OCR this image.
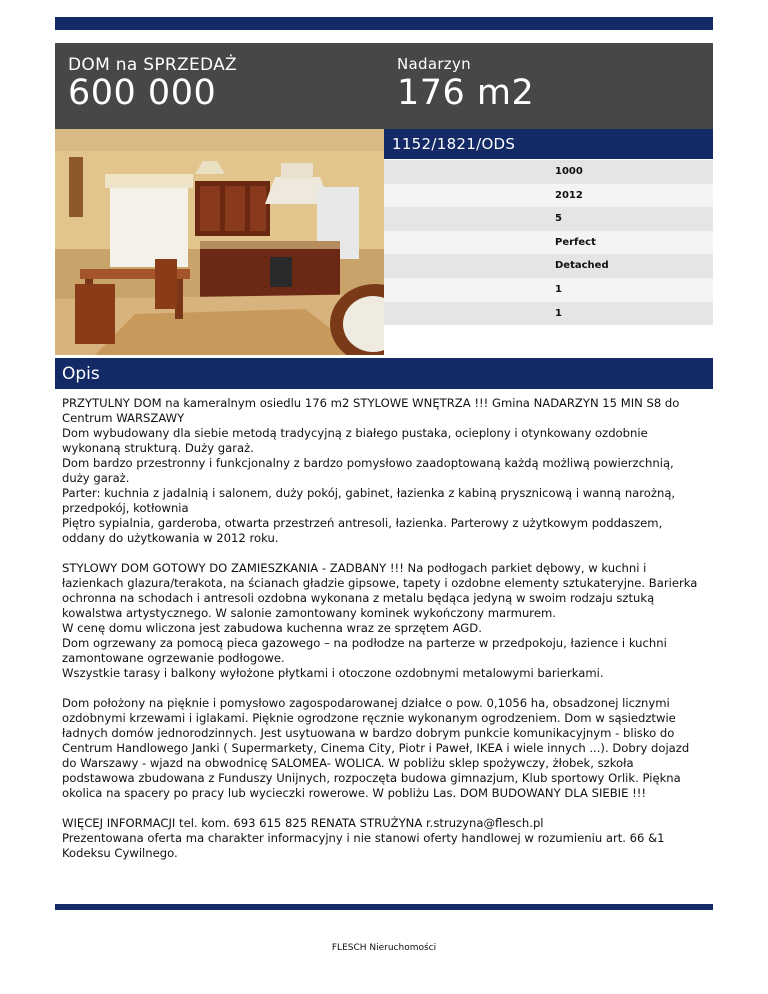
DOM na SPRZEDAŻ
600 000
Nadarzyn
176 m2
1152/1821/ODS
1000
2012
5
Perfect
Detached
1
1
Opis

PRZYTULNY DOM na kameralnym osiedlu 176 m2 STYLOWE WNĘTRZA !!! Gmina NADARZYN 15 MIN S8 do Centrum WARSZAWY
Dom wybudowany dla siebie metodą tradycyjną z białego pustaka, ocieplony i otynkowany ozdobnie wykonaną strukturą. Duży garaż.
Dom bardzo przestronny i funkcjonalny z bardzo pomysłowo zaadoptowaną każdą możliwą powierzchnią, duży garaż.
Parter: kuchnia z jadalnią i salonem, duży pokój, gabinet, łazienka z kabiną prysznicową i wanną narożną, przedpokój, kotłownia
Piętro sypialnia, garderoba, otwarta przestrzeń antresoli, łazienka. Parterowy z użytkowym poddaszem, oddany do użytkowania w 2012 roku.

STYLOWY DOM GOTOWY DO ZAMIESZKANIA - ZADBANY !!! Na podłogach parkiet dębowy, w kuchni i łazienkach glazura/terakota, na ścianach gładzie gipsowe, tapety i ozdobne elementy sztukateryjne. Barierka ochronna na schodach i antresoli ozdobna wykonana z metalu będąca jedyną w swoim rodzaju sztuką kowalstwa artystycznego. W salonie zamontowany kominek wykończony marmurem.
W cenę domu wliczona jest zabudowa kuchenna wraz ze sprzętem AGD.
Dom ogrzewany za pomocą pieca gazowego – na podłodze na parterze w przedpokoju, łazience i kuchni zamontowane ogrzewanie podłogowe.
Wszystkie tarasy i balkony wyłożone płytkami i otoczone ozdobnymi metalowymi barierkami.

Dom położony na pięknie i pomysłowo zagospodarowanej działce o pow. 0,1056 ha, obsadzonej licznymi ozdobnymi krzewami i iglakami. Pięknie ogrodzone ręcznie wykonanym ogrodzeniem. Dom w sąsiedztwie ładnych domów jednorodzinnych. Jest usytuowana w bardzo dobrym punkcie komunikacyjnym - blisko do Centrum Handlowego Janki ( Supermarkety, Cinema City, Piotr i Paweł, IKEA i wiele innych ...). Dobry dojazd do Warszawy - wjazd na obwodnicę SALOMEA- WOLICA. W pobliżu sklep spożywczy, żłobek, szkoła podstawowa zbudowana z Funduszy Unijnych, rozpoczęta budowa gimnazjum, Klub sportowy Orlik. Piękna okolica na spacery po pracy lub wycieczki rowerowe. W pobliżu Las. DOM BUDOWANY DLA SIEBIE !!!

WIĘCEJ INFORMACJI tel. kom. 693 615 825 RENATA STRUŻYNA r.struzyna@flesch.pl
Prezentowana oferta ma charakter informacyjny i nie stanowi oferty handlowej w rozumieniu art. 66 &1 Kodeksu Cywilnego.

FLESCH Nieruchomości
